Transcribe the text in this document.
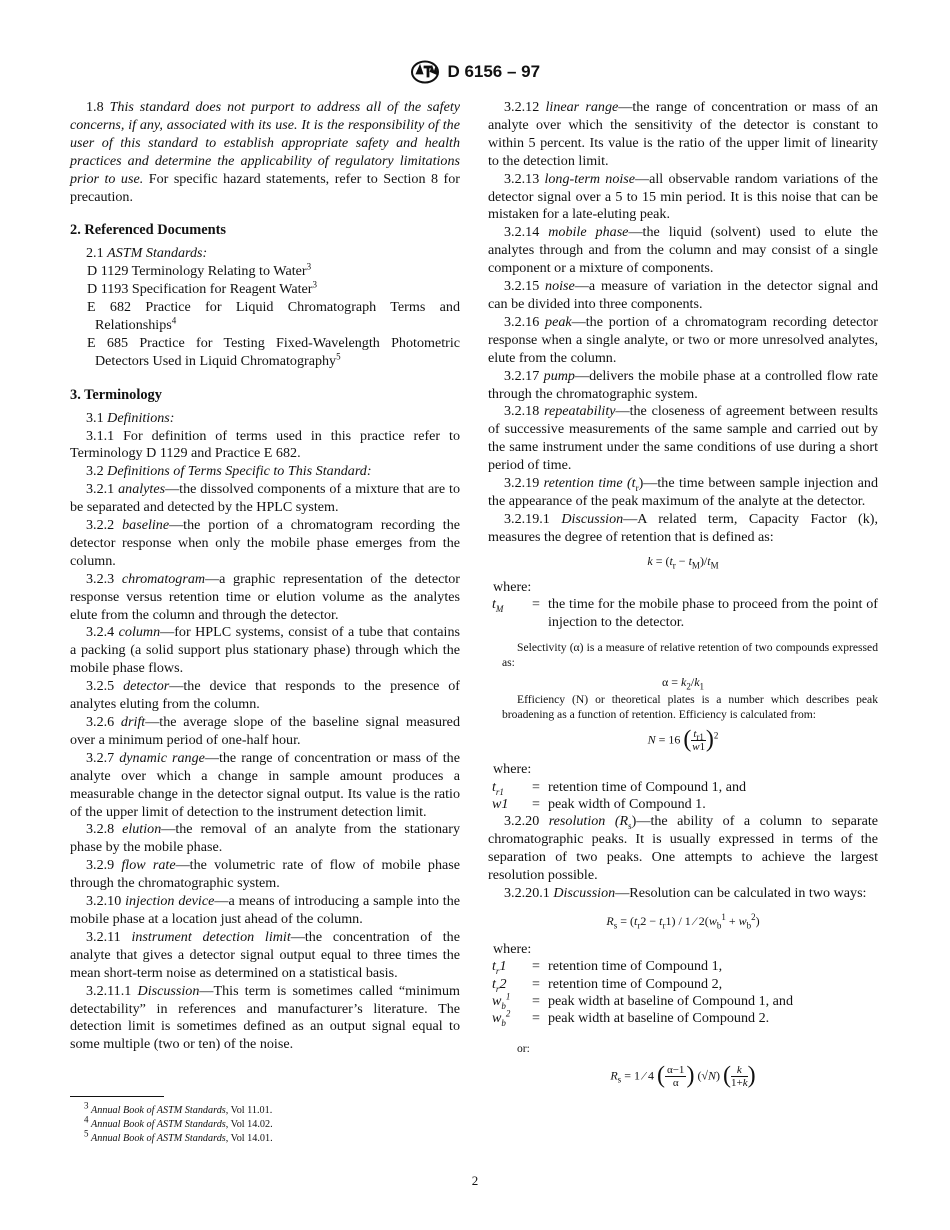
D 6156 – 97

1.8 This standard does not purport to address all of the safety concerns, if any, associated with its use. It is the responsibility of the user of this standard to establish appropriate safety and health practices and determine the applicability of regulatory limitations prior to use. For specific hazard statements, refer to Section 8 for precaution.

2. Referenced Documents

2.1 ASTM Standards:

D 1129 Terminology Relating to Water$^3$

D 1193 Specification for Reagent Water$^3$

E 682 Practice for Liquid Chromatograph Terms and Relationships$^4$

E 685 Practice for Testing Fixed-Wavelength Photometric Detectors Used in Liquid Chromatography$^5$

3. Terminology

3.1 Definitions:

3.1.1 For definition of terms used in this practice refer to Terminology D 1129 and Practice E 682.

3.2 Definitions of Terms Specific to This Standard:

3.2.1 analytes—the dissolved components of a mixture that are to be separated and detected by the HPLC system.

3.2.2 baseline—the portion of a chromatogram recording the detector response when only the mobile phase emerges from the column.

3.2.3 chromatogram—a graphic representation of the detector response versus retention time or elution volume as the analytes elute from the column and through the detector.

3.2.4 column—for HPLC systems, consist of a tube that contains a packing (a solid support plus stationary phase) through which the mobile phase flows.

3.2.5 detector—the device that responds to the presence of analytes eluting from the column.

3.2.6 drift—the average slope of the baseline signal measured over a minimum period of one-half hour.

3.2.7 dynamic range—the range of concentration or mass of the analyte over which a change in sample amount produces a measurable change in the detector signal output. Its value is the ratio of the upper limit of detection to the instrument detection limit.

3.2.8 elution—the removal of an analyte from the stationary phase by the mobile phase.

3.2.9 flow rate—the volumetric rate of flow of mobile phase through the chromatographic system.

3.2.10 injection device—a means of introducing a sample into the mobile phase at a location just ahead of the column.

3.2.11 instrument detection limit—the concentration of the analyte that gives a detector signal output equal to three times the mean short-term noise as determined on a statistical basis.

3.2.11.1 Discussion—This term is sometimes called “minimum detectability” in references and manufacturer’s literature. The detection limit is sometimes defined as an output signal equal to some multiple (two or ten) of the noise.

3.2.12 linear range—the range of concentration or mass of an analyte over which the sensitivity of the detector is constant to within 5 percent. Its value is the ratio of the upper limit of linearity to the detection limit.

3.2.13 long-term noise—all observable random variations of the detector signal over a 5 to 15 min period. It is this noise that can be mistaken for a late-eluting peak.

3.2.14 mobile phase—the liquid (solvent) used to elute the analytes through and from the column and may consist of a single component or a mixture of components.

3.2.15 noise—a measure of variation in the detector signal and can be divided into three components.

3.2.16 peak—the portion of a chromatogram recording detector response when a single analyte, or two or more unresolved analytes, elute from the column.

3.2.17 pump—delivers the mobile phase at a controlled flow rate through the chromatographic system.

3.2.18 repeatability—the closeness of agreement between results of successive measurements of the same sample and carried out by the same instrument under the same conditions of use during a short period of time.

3.2.19 retention time $(t_r)—the$ time between sample injection and the appearance of the peak maximum of the analyte at the detector.

3.2.19.1 Discussion—A related term, Capacity Factor (k), measures the degree of retention that is defined as:

$k = (t_r - t_M)/t_M$

where:

$t_M$	=	the time for the mobile phase to proceed from the point of injection to the detector.

Selectivity (α) is a measure of relative retention of two compounds expressed as:

$\alpha = k_2/k_1$

Efficiency (N) or theoretical plates is a number which describes peak broadening as a function of retention. Efficiency is calculated from:

N = 16 ( $\frac{t_{r1}}{w1} )^2$

where:

$t_{r1}$	=	retention time of Compound 1, and
w1	=	peak width of Compound 1.

3.2.20 resolution $(R_s)—the$ ability of a column to separate chromatographic peaks. It is usually expressed in terms of the separation of two peaks. One attempts to achieve the largest resolution possible.

3.2.20.1 Discussion—Resolution can be calculated in two ways:

$R_s = (t_r2 - t_r1) / 1$ ⁄ $2(w_b^1 + w_b^2)$

where:

$t_r1$	=	retention time of Compound 1,
$t_r2$	=	retention time of Compound 2,
$w_b^1$	=	peak width at baseline of Compound 1, and
$w_b^2$	=	peak width at baseline of Compound 2.

or:

$R_s = 1$ ⁄ 4 ( $\frac{\alpha-1}{\alpha}$ ) (√N) ( $\frac{k}{1+k}$ )
$^3$ Annual Book of ASTM Standards, Vol 11.01.
$^4$ Annual Book of ASTM Standards, Vol 14.02.
$^5$ Annual Book of ASTM Standards, Vol 14.01.
2
